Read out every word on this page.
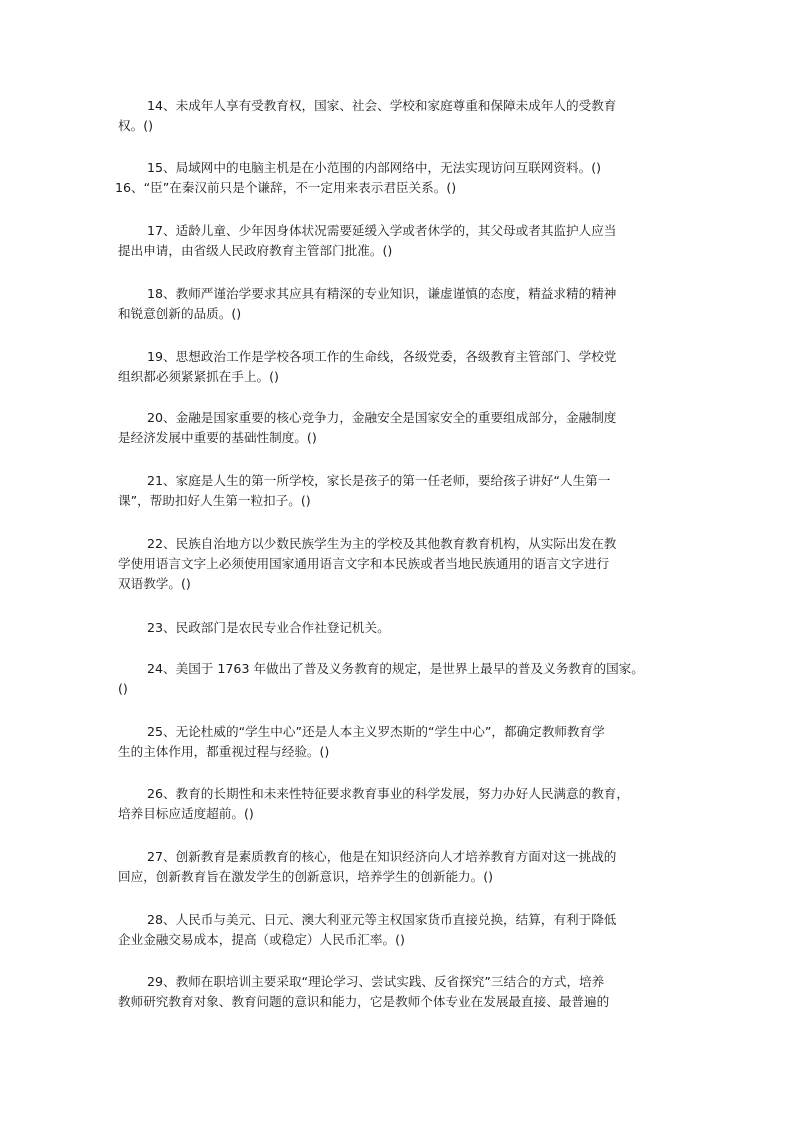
14、未成年人享有受教育权，国家、社会、学校和家庭尊重和保障未成年人的受教育
权。()
15、局域网中的电脑主机是在小范围的内部网络中，无法实现访问互联网资料。()
16、“臣”在秦汉前只是个谦辞，不一定用来表示君臣关系。()
17、适龄儿童、少年因身体状况需要延缓入学或者休学的，其父母或者其监护人应当
提出申请，由省级人民政府教育主管部门批准。()
18、教师严谨治学要求其应具有精深的专业知识，谦虚谨慎的态度，精益求精的精神
和锐意创新的品质。()
19、思想政治工作是学校各项工作的生命线，各级党委，各级教育主管部门、学校党
组织都必须紧紧抓在手上。()
20、金融是国家重要的核心竞争力，金融安全是国家安全的重要组成部分，金融制度
是经济发展中重要的基础性制度。()
21、家庭是人生的第一所学校，家长是孩子的第一任老师，要给孩子讲好“人生第一
课”，帮助扣好人生第一粒扣子。()
22、民族自治地方以少数民族学生为主的学校及其他教育教育机构，从实际出发在教
学使用语言文字上必须使用国家通用语言文字和本民族或者当地民族通用的语言文字进行
双语教学。()
23、民政部门是农民专业合作社登记机关。
24、美国于 1763 年做出了普及义务教育的规定，是世界上最早的普及义务教育的国家。
()
25、无论杜威的“学生中心”还是人本主义罗杰斯的“学生中心”，都确定教师教育学
生的主体作用，都重视过程与经验。()
26、教育的长期性和未来性特征要求教育事业的科学发展，努力办好人民满意的教育，
培养目标应适度超前。()
27、创新教育是素质教育的核心，他是在知识经济向人才培养教育方面对这一挑战的
回应，创新教育旨在激发学生的创新意识，培养学生的创新能力。()
28、人民币与美元、日元、澳大利亚元等主权国家货币直接兑换，结算，有利于降低
企业金融交易成本，提高（或稳定）人民币汇率。()
29、教师在职培训主要采取“理论学习、尝试实践、反省探究”三结合的方式，培养
教师研究教育对象、教育问题的意识和能力，它是教师个体专业在发展最直接、最普遍的
